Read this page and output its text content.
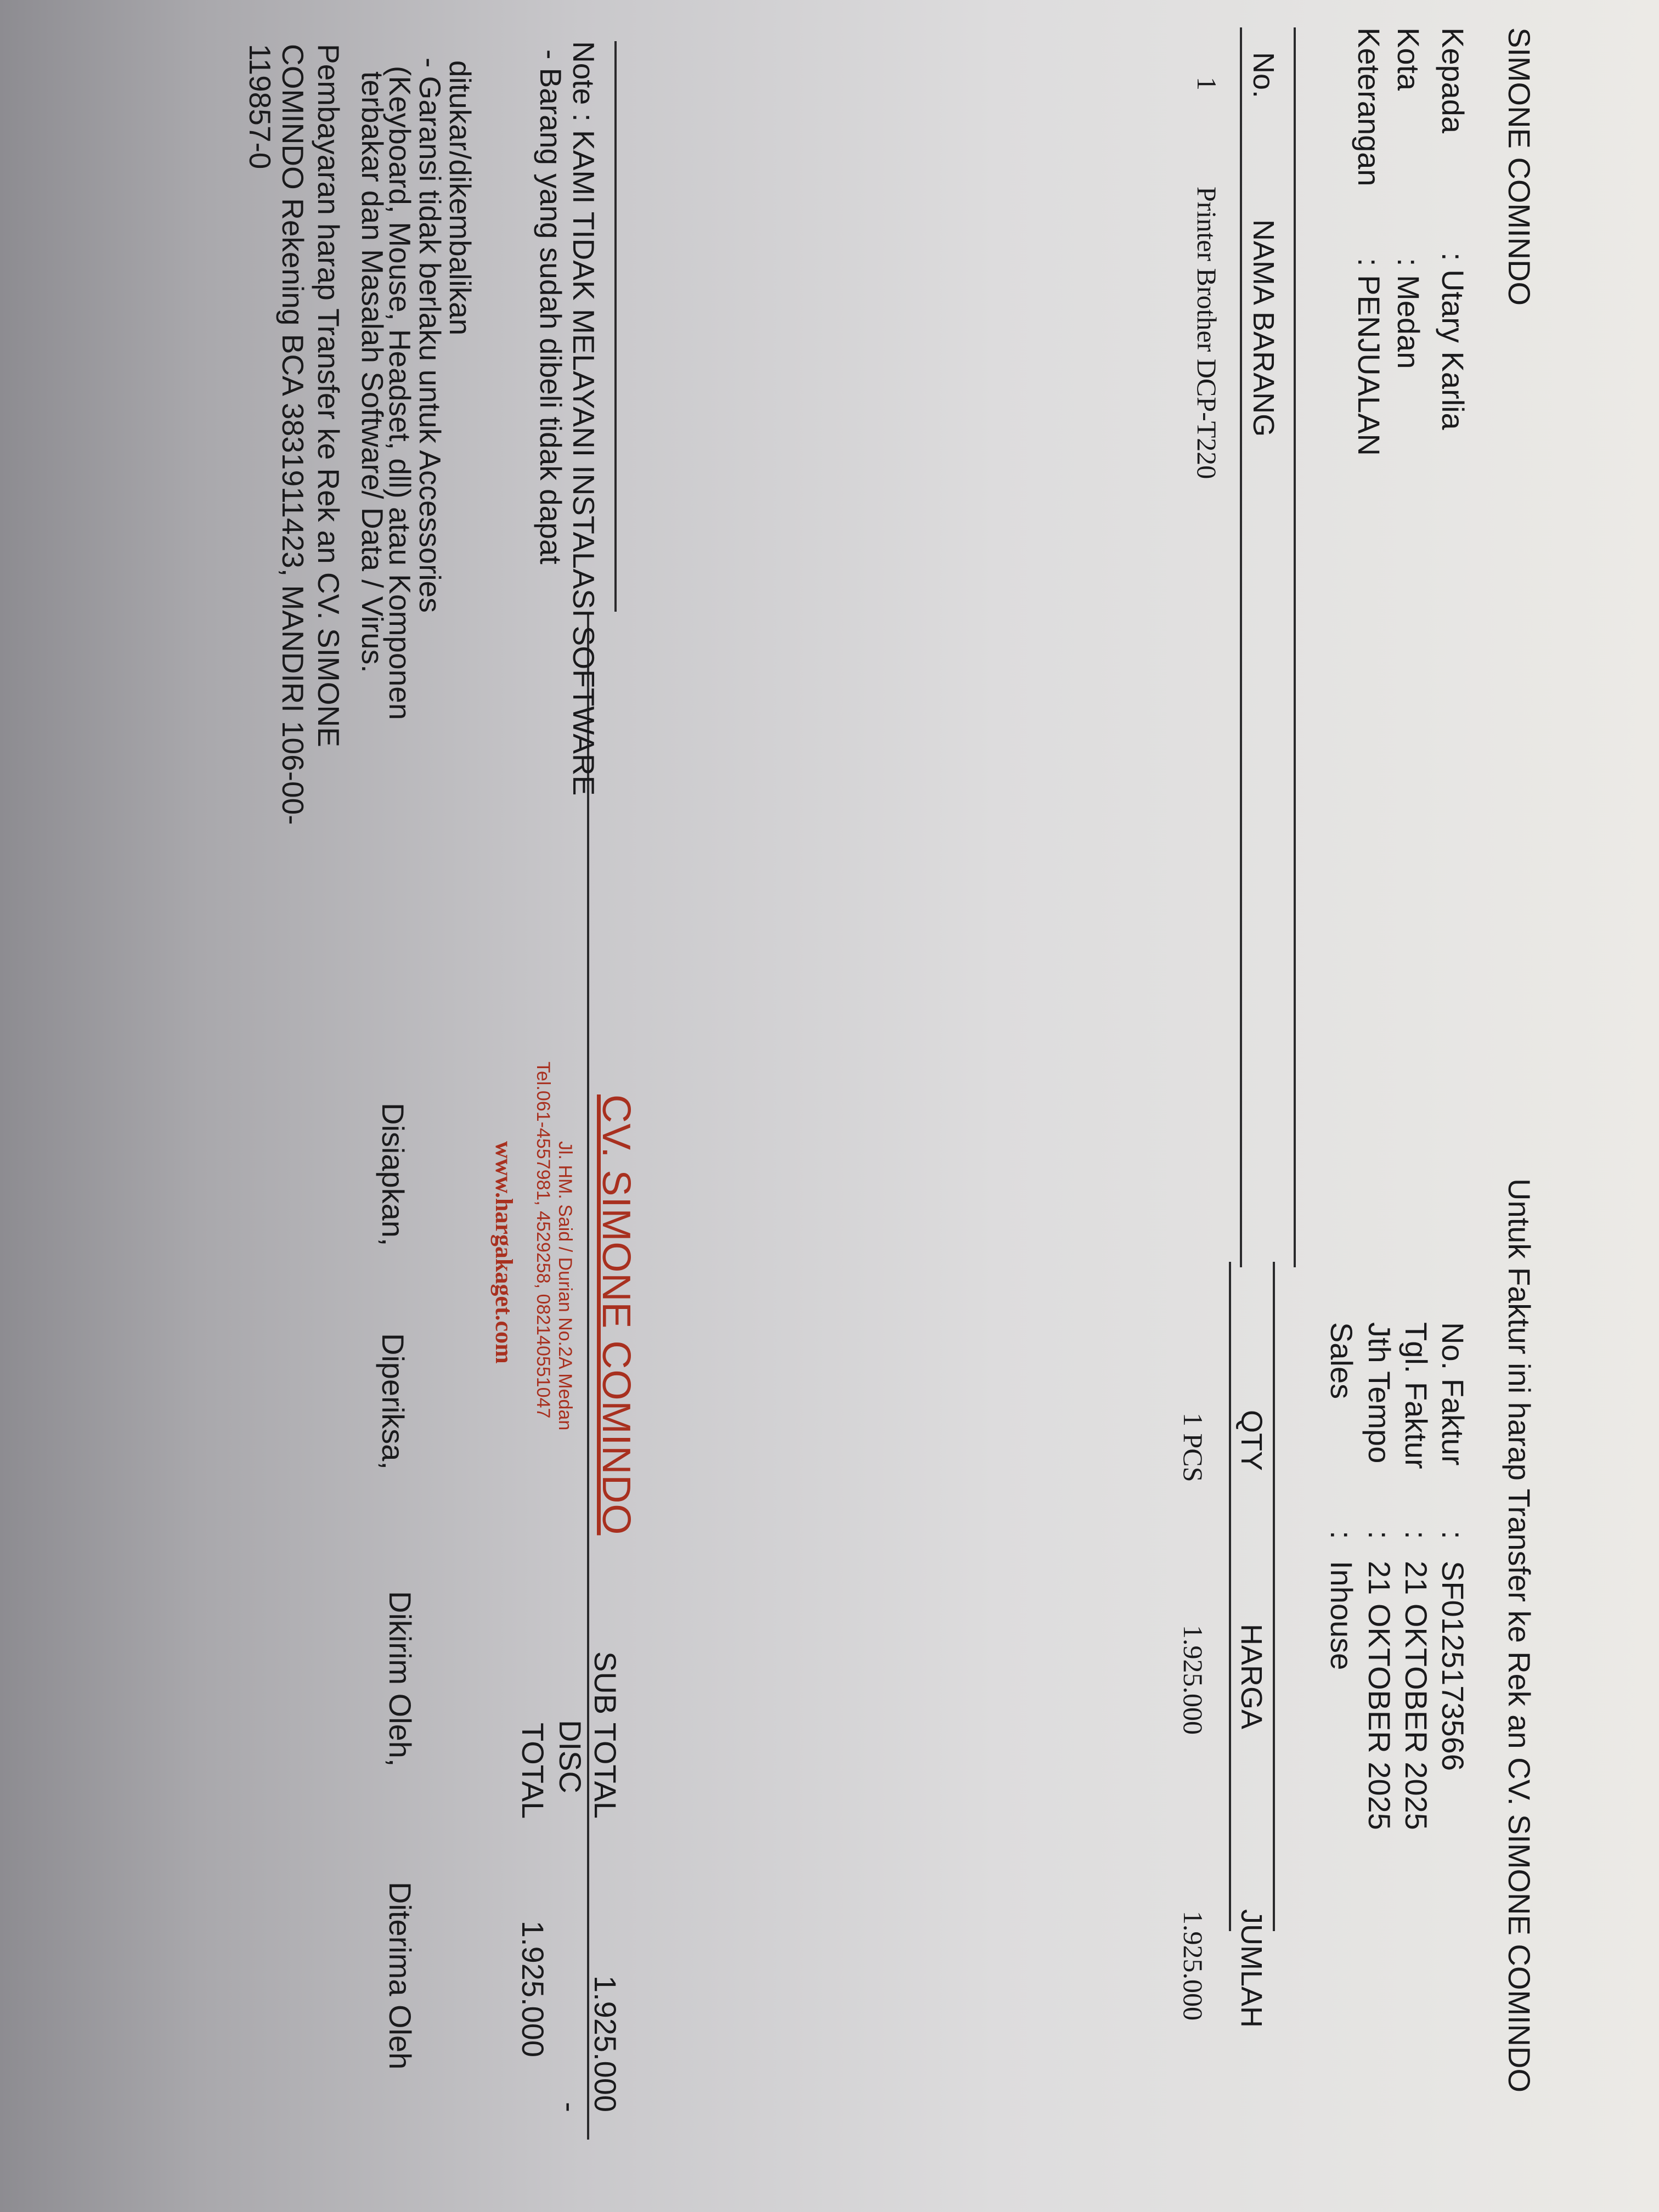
SIMONE COMINDO
Untuk Faktur ini harap Transfer ke Rek an CV. SIMONE COMINDO
Kepada
: Utary Karlia
Kota
: Medan
Keterangan
: PENJUALAN
No. Faktur
:
SF0125173566
Tgl. Faktur
:
21 OKTOBER 2025
Jth Tempo
:
21 OKTOBER 2025
Sales
:
Inhouse
No.
NAMA BARANG
QTY
HARGA
JUMLAH
1
Printer Brother DCP-T220
1 PCS
1.925.000
1.925.000
Note : KAMI TIDAK MELAYANI INSTALASI SOFTWARE
- Barang yang sudah dibeli tidak dapat
ditukar/dikembalikan
- Garansi tidak berlaku untuk Accessories
(Keyboard, Mouse, Headset, dll) atau Komponen
terbakar dan Masalah Software/ Data / Virus.
Pembayaran harap Transfer ke Rek an CV. SIMONE
COMINDO Rekening BCA 3831911423, MANDIRI 106-00-
119857-0
CV. SIMONE COMINDO
Jl. HM. Said / Durian No.2A Medan
Tel.061-4557981, 4529258, 082140551047
www.hargakaget.com
SUB TOTAL
1.925.000
DISC
-
TOTAL
1.925.000
Disiapkan,
Diperiksa,
Dikirim Oleh,
Diterima Oleh
